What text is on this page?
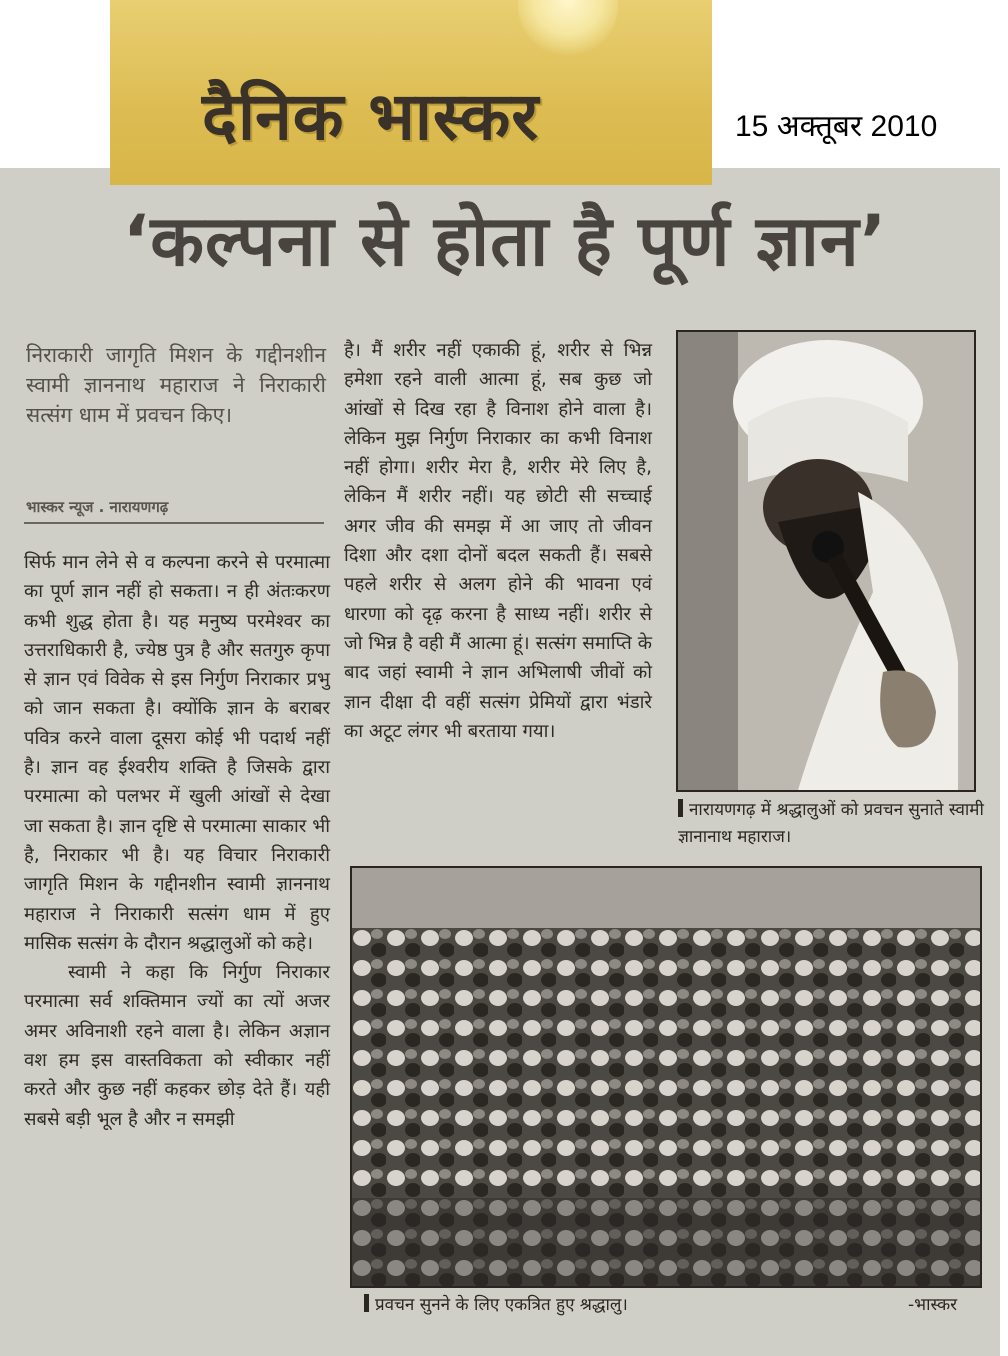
दैनिक भास्कर	15 अक्तूबर 2010
‘कल्पना से होता है पूर्ण ज्ञान’
निराकारी जागृति मिशन के गद्दीनशीन स्वामी ज्ञाननाथ महाराज ने निराकारी सत्संग धाम में प्रवचन किए।
भास्कर न्यूज . नारायणगढ़

सिर्फ मान लेने से व कल्पना करने से परमात्मा का पूर्ण ज्ञान नहीं हो सकता। न ही अंतःकरण कभी शुद्ध होता है। यह मनुष्य परमेश्वर का उत्तराधिकारी है, ज्येष्ठ पुत्र है और सतगुरु कृपा से ज्ञान एवं विवेक से इस निर्गुण निराकार प्रभु को जान सकता है। क्योंकि ज्ञान के बराबर पवित्र करने वाला दूसरा कोई भी पदार्थ नहीं है। ज्ञान वह ईश्वरीय शक्ति है जिसके द्वारा परमात्मा को पलभर में खुली आंखों से देखा जा सकता है। ज्ञान दृष्टि से परमात्मा साकार भी है, निराकार भी है। यह विचार निराकारी जागृति मिशन के गद्दीनशीन स्वामी ज्ञाननाथ महाराज ने निराकारी सत्संग धाम में हुए मासिक सत्संग के दौरान श्रद्धालुओं को कहे।

स्वामी ने कहा कि निर्गुण निराकार परमात्मा सर्व शक्तिमान ज्यों का त्यों अजर अमर अविनाशी रहने वाला है। लेकिन अज्ञान वश हम इस वास्तविकता को स्वीकार नहीं करते और कुछ नहीं कहकर छोड़ देते हैं। यही सबसे बड़ी भूल है और न समझी

है। मैं शरीर नहीं एकाकी हूं, शरीर से भिन्न हमेशा रहने वाली आत्मा हूं, सब कुछ जो आंखों से दिख रहा है विनाश होने वाला है। लेकिन मुझ निर्गुण निराकार का कभी विनाश नहीं होगा। शरीर मेरा है, शरीर मेरे लिए है, लेकिन मैं शरीर नहीं। यह छोटी सी सच्चाई अगर जीव की समझ में आ जाए तो जीवन दिशा और दशा दोनों बदल सकती हैं। सबसे पहले शरीर से अलग होने की भावना एवं धारणा को दृढ़ करना है साध्य नहीं। शरीर से जो भिन्न है वही मैं आत्मा हूं। सत्संग समाप्ति के बाद जहां स्वामी ने ज्ञान अभिलाषी जीवों को ज्ञान दीक्षा दी वहीं सत्संग प्रेमियों द्वारा भंडारे का अटूट लंगर भी बरताया गया।

नारायणगढ़ में श्रद्धालुओं को प्रवचन सुनाते स्वामी ज्ञानानाथ महाराज।
प्रवचन सुनने के लिए एकत्रित हुए श्रद्धालु।	-भास्कर
